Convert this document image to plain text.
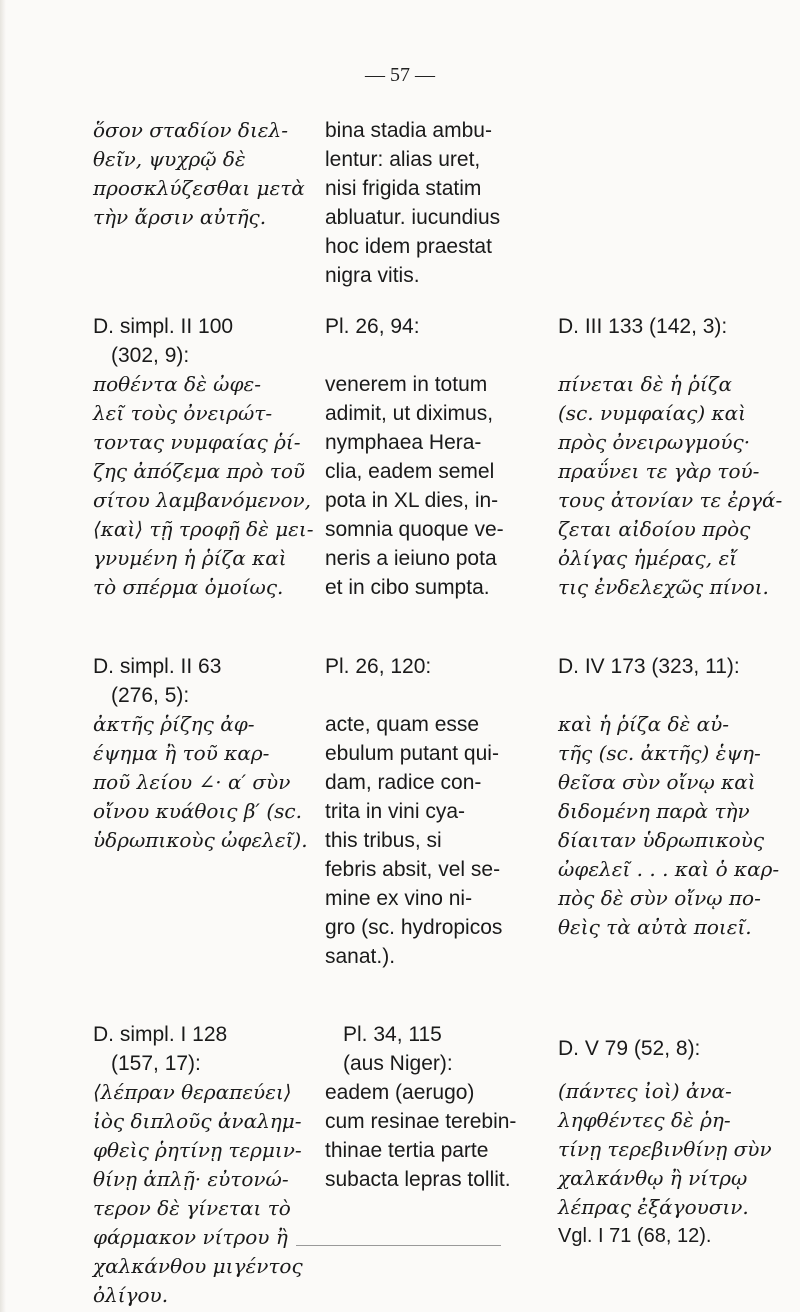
— 57 —
ὅσον σταδίον διελ-
θεῖν, ψυχρῷ δὲ
προσκλύζεσθαι μετὰ
τὴν ἄρσιν αὐτῆς.
bina stadia ambu-
lentur: alias uret,
nisi frigida statim
abluatur. iucundius
hoc idem praestat
nigra vitis.
D. simpl. II 100
(302, 9):
ποθέντα δὲ ὠφε-
λεῖ τοὺς ὀνειρώτ-
τοντας νυμφαίας ῥί-
ζης ἀπόζεμα πρὸ τοῦ
σίτου λαμβανόμενον,
⟨καὶ⟩ τῇ τροφῇ δὲ μει-
γνυμένη ἡ ῥίζα καὶ
τὸ σπέρμα ὁμοίως.
Pl. 26, 94:
venerem in totum
adimit, ut diximus,
nymphaea Hera-
clia, eadem semel
pota in XL dies, in-
somnia quoque ve-
neris a ieiuno pota
et in cibo sumpta.
D. III 133 (142, 3):
πίνεται δὲ ἡ ῥίζα
(sc. νυμφαίας) καὶ
πρὸς ὀνειρωγμούς·
πραΰνει τε γὰρ τού-
τους ἀτονίαν τε ἐργά-
ζεται αἰδοίου πρὸς
ὀλίγας ἡμέρας, εἴ
τις ἐνδελεχῶς πίνοι.
D. simpl. II 63
(276, 5):
ἀκτῆς ῥίζης ἀφ-
έψημα ἢ τοῦ καρ-
ποῦ λείου ∠· α′ σὺν
οἴνου κυάθοις β′ (sc.
ὑδρωπικοὺς ὠφελεῖ).
Pl. 26, 120:
acte, quam esse
ebulum putant qui-
dam, radice con-
trita in vini cya-
this tribus, si
febris absit, vel se-
mine ex vino ni-
gro (sc. hydropicos
sanat.).
D. IV 173 (323, 11):
καὶ ἡ ῥίζα δὲ αὐ-
τῆς (sc. ἀκτῆς) ἑψη-
θεῖσα σὺν οἴνῳ καὶ
διδομένη παρὰ τὴν
δίαιταν ὑδρωπικοὺς
ὠφελεῖ . . . καὶ ὁ καρ-
πὸς δὲ σὺν οἴνῳ πο-
θεὶς τὰ αὐτὰ ποιεῖ.
D. simpl. I 128
(157, 17):
⟨λέπραν θεραπεύει⟩
ἰὸς διπλοῦς ἀναλημ-
φθεὶς ῥητίνῃ τερμιν-
θίνῃ ἁπλῇ· εὐτονώ-
τερον δὲ γίνεται τὸ
φάρμακον νίτρου ἢ
χαλκάνθου μιγέντος
ὀλίγου.
Pl. 34, 115
(aus Niger):
eadem (aerugo)
cum resinae terebin-
thinae tertia parte
subacta lepras tollit.
D. V 79 (52, 8):
(πάντες ἰοὶ) ἀνα-
ληφθέντες δὲ ῥη-
τίνῃ τερεβινθίνῃ σὺν
χαλκάνθῳ ἢ νίτρῳ
λέπρας ἐξάγουσιν.
Vgl. I 71 (68, 12).
